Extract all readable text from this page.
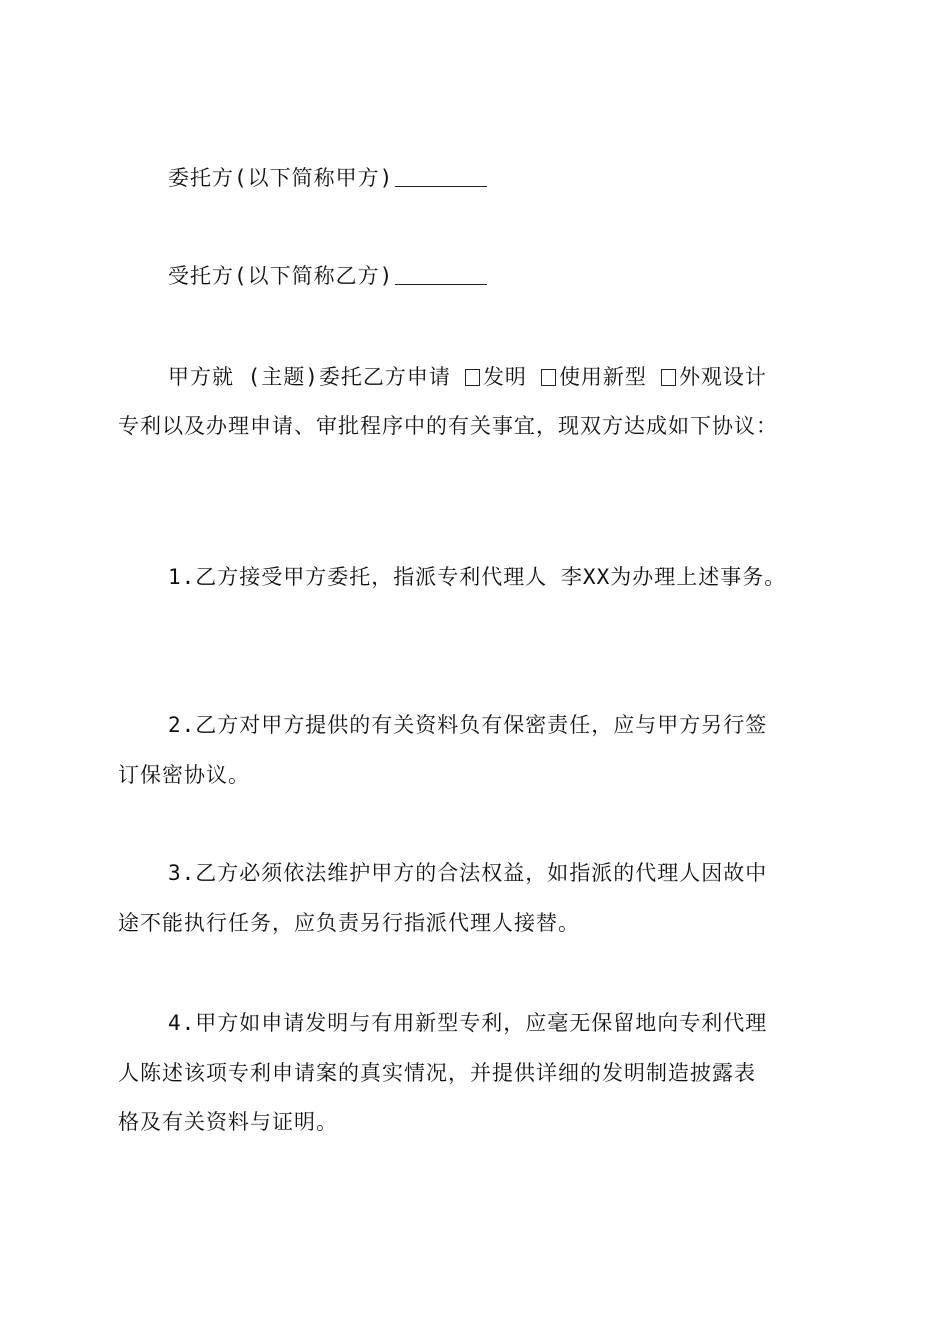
委托方(以下简称甲方)
受托方(以下简称乙方)
甲方就 (主题)委托乙方申请 发明 使用新型 外观设计
专利以及办理申请、审批程序中的有关事宜，现双方达成如下协议：
1.乙方接受甲方委托，指派专利代理人 李XX为办理上述事务。
2.乙方对甲方提供的有关资料负有保密责任，应与甲方另行签
订保密协议。
3.乙方必须依法维护甲方的合法权益，如指派的代理人因故中
途不能执行任务，应负责另行指派代理人接替。
4.甲方如申请发明与有用新型专利，应毫无保留地向专利代理
人陈述该项专利申请案的真实情况，并提供详细的发明制造披露表
格及有关资料与证明。
